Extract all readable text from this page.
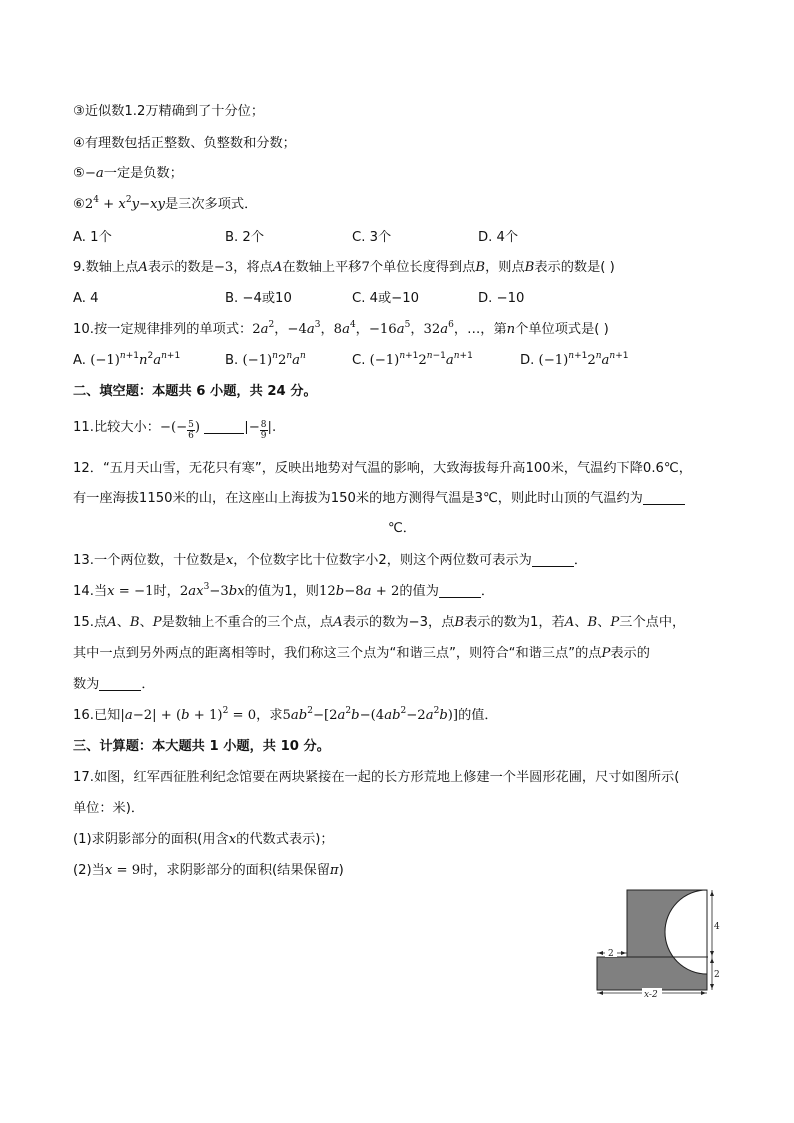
③近似数1.2万精确到了十分位；
④有理数包括正整数、负整数和分数；
⑤−a一定是负数；
$⑥2^4 + x^2y-xy$是三次多项式．
A. 1个	B. 2个	C. 3个	D. 4个
9.数轴上点A表示的数是−3，将点A在数轴上平移7个单位长度得到点B，则点B表示的数是( )
A. 4	B. −4或10	C. 4或−10	D. −10
10.按一定规律排列的单项式：$2a^2$，$-4a^3$，$8a^4$，$-16a^5$，$32a^6$，…，第n个单位项式是( )
A. $(-1)^{n+1}n^2a^{n+1}$	B. $(-1)^n2^na^n$	C. $(-1)^{n+1}2^{n-1}a^{n+1}$	D. $(-1)^{n+1}2^na^{n+1}$
二、填空题：本题共 6 小题，共 24 分。
11.比较大小：−(− $\frac{5}{6}$ )	|− $\frac{8}{9}$ |.
12．“五月天山雪，无花只有寒”，反映出地势对气温的影响，大致海拔每升高100米，气温约下降0.6℃，
有一座海拔1150米的山，在这座山上海拔为150米的地方测得气温是3℃，则此时山顶的气温约为
℃．
13.一个两位数，十位数是x，个位数字比十位数字小2，则这个两位数可表示为	．
14.当x = −1时，$2ax^3-3bx$的值为1，则12b−8a + 2的值为	．
15.点A、B、P是数轴上不重合的三个点，点A表示的数为−3，点B表示的数为1，若A、B、P三个点中，
其中一点到另外两点的距离相等时，我们称这三个点为“和谐三点”，则符合“和谐三点”的点P表示的
数为	．
16.已知$|a-2| + (b + 1)^2 = 0$，求$5ab^2-[2a^2b-(4ab^2-2a^2b)]$的值．
三、计算题：本大题共 1 小题，共 10 分。
17.如图，红军西征胜利纪念馆要在两块紧接在一起的长方形荒地上修建一个半圆形花圃，尺寸如图所示(
单位：米)．
(1)求阴影部分的面积(用含x的代数式表示)；
(2)当x = 9时，求阴影部分的面积(结果保留π)
4
2
2
x-2
